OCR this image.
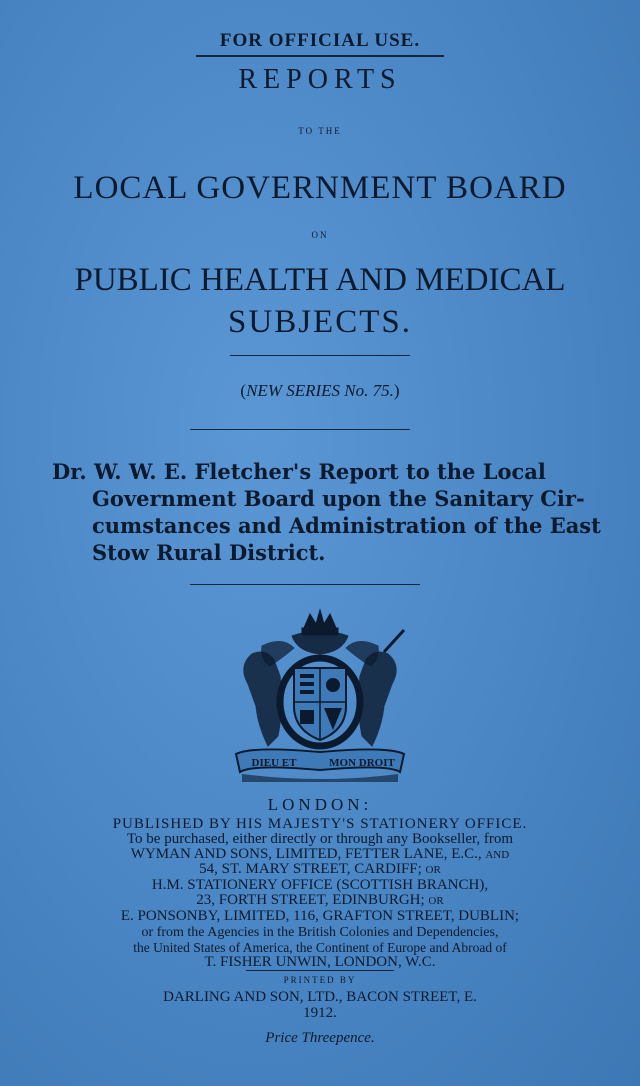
FOR OFFICIAL USE.
REPORTS
TO THE
LOCAL GOVERNMENT BOARD
ON
PUBLIC HEALTH AND MEDICAL
SUBJECTS.
(NEW SERIES No. 75.)
Dr. W. W. E. Fletcher's Report to the Local
Government Board upon the Sanitary Cir-
cumstances and Administration of the East
Stow Rural District.
DIEU ET	MON DROIT
LONDON:
PUBLISHED BY HIS MAJESTY'S STATIONERY OFFICE.
To be purchased, either directly or through any Bookseller, from
WYMAN AND SONS, LIMITED, FETTER LANE, E.C., and
54, ST. MARY STREET, CARDIFF; or
H.M. STATIONERY OFFICE (SCOTTISH BRANCH),
23, FORTH STREET, EDINBURGH; or
E. PONSONBY, LIMITED, 116, GRAFTON STREET, DUBLIN;
or from the Agencies in the British Colonies and Dependencies,
the United States of America, the Continent of Europe and Abroad of
T. FISHER UNWIN, LONDON, W.C.
PRINTED BY
DARLING AND SON, LTD., BACON STREET, E.
1912.
Price Threepence.
